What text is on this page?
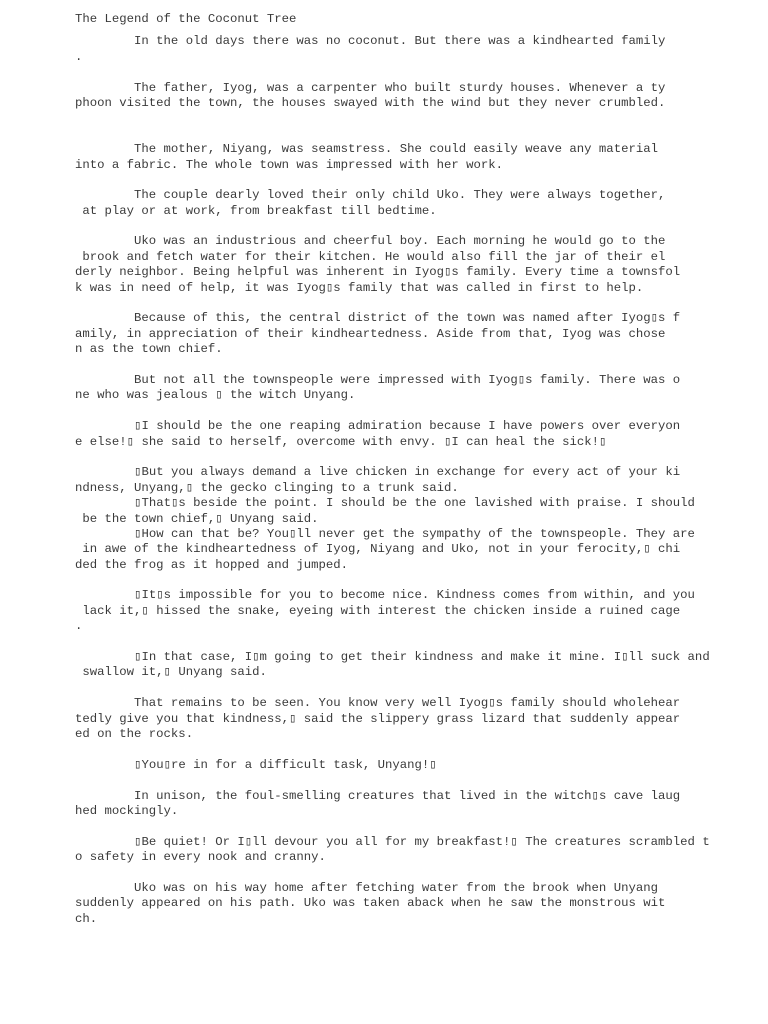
The Legend of the Coconut Tree
In the old days there was no coconut. But there was a kindhearted family
.
The father, Iyog, was a carpenter who built sturdy houses. Whenever a ty
phoon visited the town, the houses swayed with the wind but they never crumbled.
The mother, Niyang, was seamstress. She could easily weave any material
into a fabric. The whole town was impressed with her work.
The couple dearly loved their only child Uko. They were always together,
at play or at work, from breakfast till bedtime.
Uko was an industrious and cheerful boy. Each morning he would go to the
brook and fetch water for their kitchen. He would also fill the jar of their el
derly neighbor. Being helpful was inherent in Iyog▯s family. Every time a townsfol
k was in need of help, it was Iyog▯s family that was called in first to help.
Because of this, the central district of the town was named after Iyog▯s f
amily, in appreciation of their kindheartedness. Aside from that, Iyog was chose
n as the town chief.
But not all the townspeople were impressed with Iyog▯s family. There was o
ne who was jealous ▯ the witch Unyang.
▯I should be the one reaping admiration because I have powers over everyon
e else!▯ she said to herself, overcome with envy. ▯I can heal the sick!▯
▯But you always demand a live chicken in exchange for every act of your ki
ndness, Unyang,▯ the gecko clinging to a trunk said.
▯That▯s beside the point. I should be the one lavished with praise. I should
be the town chief,▯ Unyang said.
▯How can that be? You▯ll never get the sympathy of the townspeople. They are
in awe of the kindheartedness of Iyog, Niyang and Uko, not in your ferocity,▯ chi
ded the frog as it hopped and jumped.
▯It▯s impossible for you to become nice. Kindness comes from within, and you
lack it,▯ hissed the snake, eyeing with interest the chicken inside a ruined cage
.
▯In that case, I▯m going to get their kindness and make it mine. I▯ll suck and
swallow it,▯ Unyang said.
That remains to be seen. You know very well Iyog▯s family should wholehear
tedly give you that kindness,▯ said the slippery grass lizard that suddenly appear
ed on the rocks.
▯You▯re in for a difficult task, Unyang!▯
In unison, the foul-smelling creatures that lived in the witch▯s cave laug
hed mockingly.
▯Be quiet! Or I▯ll devour you all for my breakfast!▯ The creatures scrambled t
o safety in every nook and cranny.
Uko was on his way home after fetching water from the brook when Unyang
suddenly appeared on his path. Uko was taken aback when he saw the monstrous wit
ch.
